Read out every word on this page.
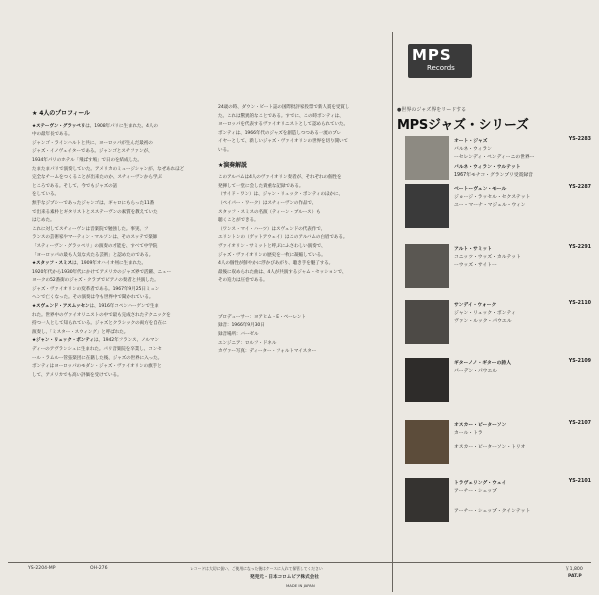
★ 4人のプロフィール
★ステーヴン・グラッペリは、1908年パリに生まれた。4人の
中の最年長である。
ジャンゴ・ラインハルトと共に、ヨーロッパが生んだ最初の
ジャズ・イノヴェイターである。ジャンゴとスチファンが、
1934年パリのホテル「飛ばす鳩」で日のを結成した。
たまたまパリで演奏していた。アメリカのミュージシャンが、なぜあれほど
完全なチームをつくることが出来たのか、スチィーヴンから学ぶ
ところである。そして、今でもジャズの話
をしている。
無手なジプシーであったジャンゴは、ギャロにもらった11番
で出来る素朴とギタリストとスステーヴンの素質を教えていた
はじめた。
これに対してスチィーヴンは音楽院で勉強した。事実、フ
ランスの芸術家やマーティン・マルソンは、そのスッテで楽師
「スティーヴン・グラッペリ」の演奏の才能を、すべて中学院
「ヨーロッパの最も人気な夫たる芸術」と認めたのである。
★スタッフ・スミスは、1909年オハイオ州に生まれた。
1920年代から1930年代にかけてアメリカのジャズ界で活躍、ニュー
ヨークの52番街のジャズ・クラブでピアノの奏者と共演した。
ジャズ・ヴァイオリンの変革者である。1967年9月25日ミュン
ヘンで亡くなった。その演奏は今も世界中で聞かれている。
★スヴェンド・アスムッセンは、1916年コペンハーゲンで生ま
れた。世界中のヴァイオリニストの中で最も完成されたテクニックを
持つ一人として知られている。ジャズとクラシックの両方を自在に
演奏し、「ミスター・スウィング」と呼ばれた。
★ジャン・リュック・ポンティは、1942年フランス、ノルマン
ディーのアヴランシュに生まれた。パリ音楽院を卒業し、コンセ
ール・ラムルー管弦楽団に在籍した後、ジャズの世界に入った。
ポンティはヨーロッパのモダン・ジャズ・ヴァイオリンの旗手と
して、アメリカでも高い評価を受けている。
24歳の時、ダウン・ビート誌の国際批評家投票で新人賞を受賞し
た。これは驚異的なことである。すでに、この時ポンティは、
ヨーロッパを代表するヴァイオリニストとして認められていた。
ポンティは、1966年代のジャズを創造しつつある一流のプレ
イヤーとして、新しいジャズ・ヴァイオリンの世界を切り開いて
いる。
★演奏解説
このアルバムは4人のヴァイオリン奏者が、それぞれの個性を
発揮して一堂に会した貴重な記録である。
（サイド・ワン）は、ジャン・リュック・ポンティのほかに、
（ペイパー・ワーク）はスチィーヴンの作品で、
スタッフ・スミスの名演（ティーン・ブルース）も
聴くことができる。
（ワンス・マイ・ハーツ）はスヴェンドの代表作で、
エリントンの（ゲットアウェイ）はこのアルバムの白眉である。
ヴァイオリン・サミットと呼ぶにふさわしい演奏で、
ジャズ・ヴァイオリンの歴史を一枚に凝縮している。
4人の個性が鮮やかに浮かびあがり、聴き手を魅了する。
最後に収められた曲は、4人が共演するジャム・セッションで、
その迫力は圧巻である。
プロデューサー：ヨアヒム・E・ベーレント
録音：1966年9月30日
録音場所：バーゼル
エンジニア：ロルフ・ドネル
カヴァー写真：ディーター・フォルトマイスター
MPS
Records
●世界のジャズ界をリードする
MPSジャズ・シリーズ
オート・ジャズ	YS-2283
バルネ・ウィラン
ーセレンディ・ペンディーニの世界ー
バルネ・ウィラン・ウルテット
1967年モナコ・グランプリ受賞録音
ベートーヴェン・モール	YS-2287
ジョージ・ラッセル・セクステット
ユー・マーナ・マジェル・ウィン
アルト・サミット	YS-2291
コニッツ・ウッズ・カルテット
ーウッズ・サイトー
サンデイ・ウォーク	YS-2110
ジャン・リュック・ポンティ
ヴァン・ルック・パウエル
ギターノノ・ギターの詩人	YS-2109
バーデン・パウエル
オスカー・ピーターソン	YS-2107
カール・トラ
オスカー・ピーターソン・トリオ
トラヴェリング・ウェイ	YS-2101
アーチー・シェップ
アーチー・シェップ・クインテット
YS-2204-MP	OH-276	レコードは大切に扱い、ご使用になった後はケースに入れて保管してください
発売元・日本コロムビア株式会社
MADE IN JAPAN
￥1,800
PAT.P
